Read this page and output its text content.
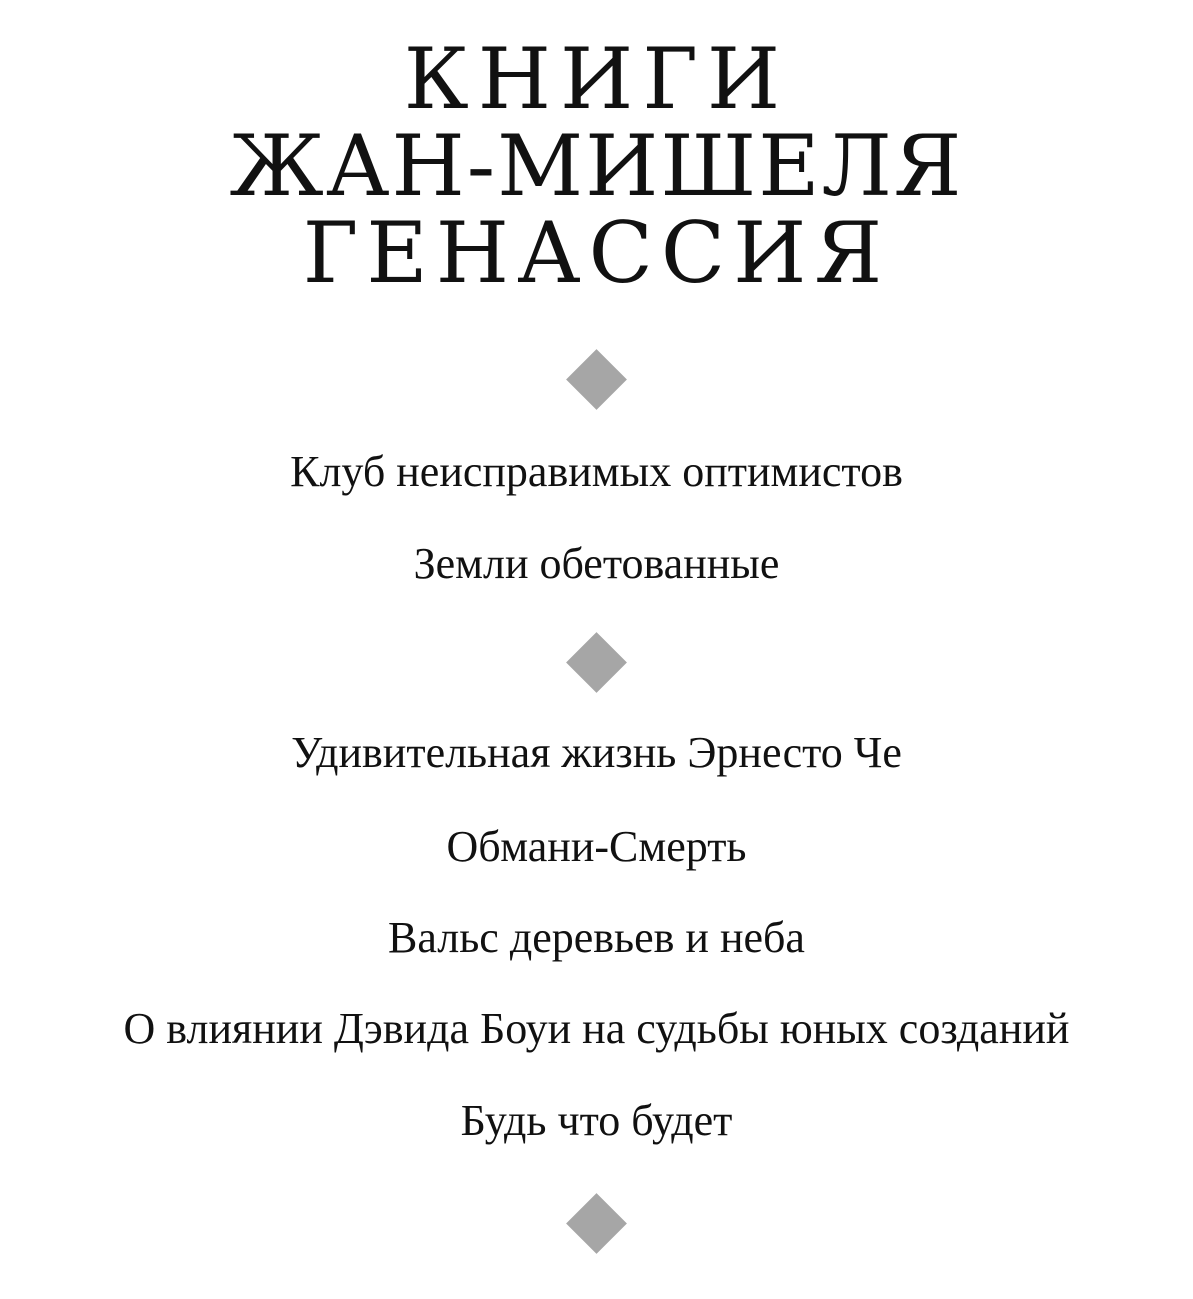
КНИГИ
ЖАН-МИШЕЛЯ
ГЕНАССИЯ
Клуб неисправимых оптимистов
Земли обетованные
Удивительная жизнь Эрнесто Че
Обмани-Смерть
Вальс деревьев и неба
О влиянии Дэвида Боуи на судьбы юных созданий
Будь что будет
